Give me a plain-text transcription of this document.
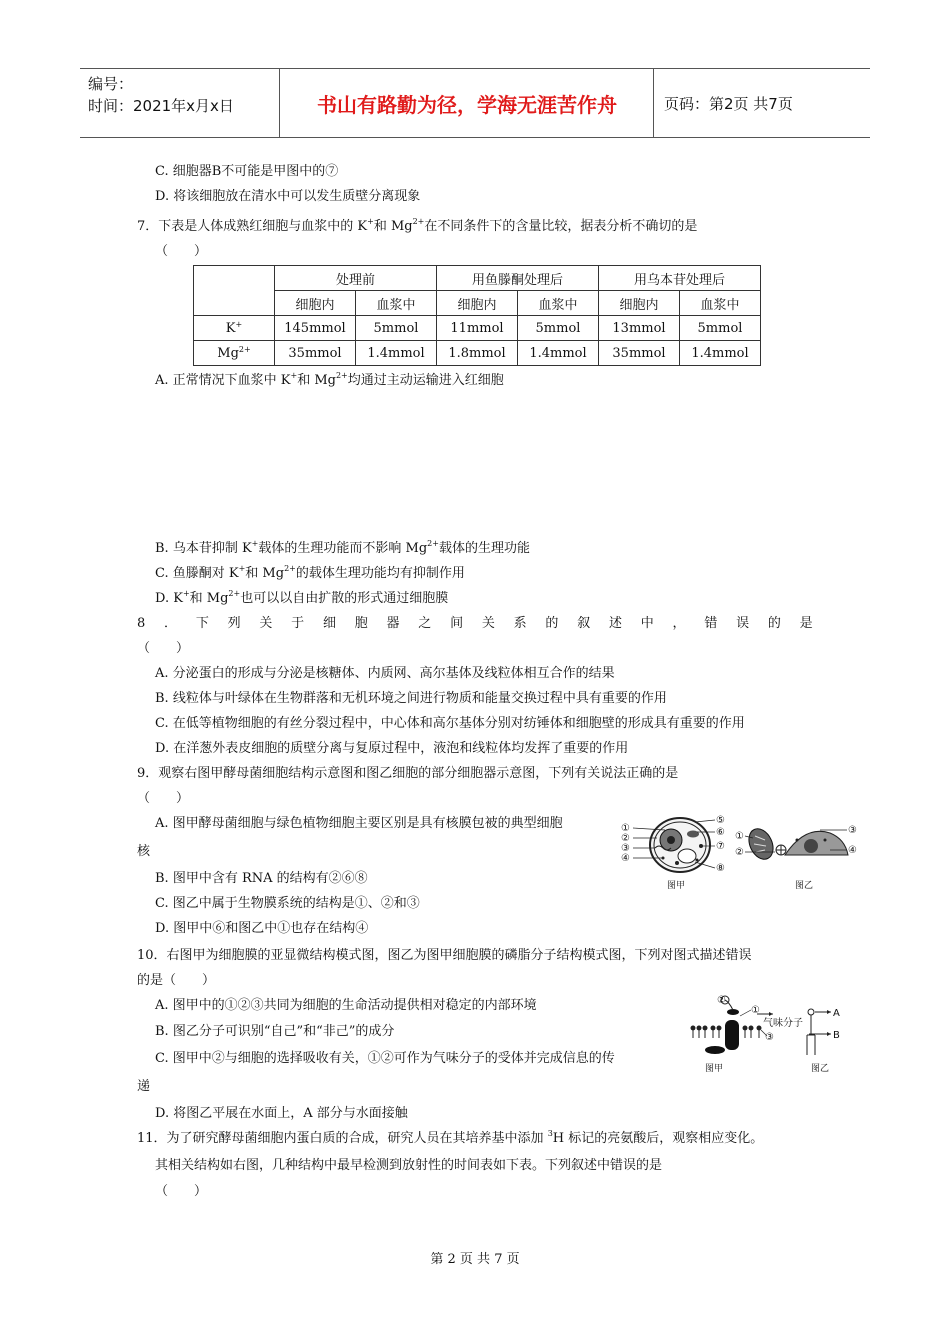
编号：
时间：2021年x月x日	书山有路勤为径，学海无涯苦作舟	页码：第2页 共7页
C. 细胞器B不可能是甲图中的⑦
D. 将该细胞放在清水中可以发生质壁分离现象
7．下表是人体成熟红细胞与血浆中的 K+和 $Mg^{2+}$在不同条件下的含量比较，据表分析不确切的是
（　　）
	处理前		用鱼滕酮处理后		用乌本苷处理后	
	细胞内	血浆中	细胞内	血浆中	细胞内	血浆中
K+	145mmol	5mmol	11mmol	5mmol	13mmol	5mmol
$Mg^{2+}$	35mmol	1.4mmol	1.8mmol	1.4mmol	35mmol	1.4mmol
A. 正常情况下血浆中 K+和 $Mg^{2+}$均通过主动运输进入红细胞
B. 乌本苷抑制 K+载体的生理功能而不影响 $Mg^{2+}$载体的生理功能
C. 鱼滕酮对 K+和 $Mg^{2+}$的载体生理功能均有抑制作用
D. K+和 $Mg^{2+}$也可以以自由扩散的形式通过细胞膜
8 ． 下 列 关 于 细 胞 器 之 间 关 系 的 叙 述 中 ， 错 误 的 是
（　　）
A. 分泌蛋白的形成与分泌是核糖体、内质网、高尔基体及线粒体相互合作的结果
B. 线粒体与叶绿体在生物群落和无机环境之间进行物质和能量交换过程中具有重要的作用
C. 在低等植物细胞的有丝分裂过程中，中心体和高尔基体分别对纺锤体和细胞壁的形成具有重要的作用
D. 在洋葱外表皮细胞的质壁分离与复原过程中，液泡和线粒体均发挥了重要的作用
9．观察右图甲酵母菌细胞结构示意图和图乙细胞的部分细胞器示意图，下列有关说法正确的是
（　　）
A. 图甲酵母菌细胞与绿色植物细胞主要区别是具有核膜包被的典型细胞
核
B. 图甲中含有 RNA 的结构有②⑥⑧
C. 图乙中属于生物膜系统的结构是①、②和③
D. 图甲中⑥和图乙中①也存在结构④
①
②
③
④
⑤
⑥
⑦
⑧
图甲	图乙
①
②
③
④
10．右图甲为细胞膜的亚显微结构模式图，图乙为图甲细胞膜的磷脂分子结构模式图，下列对图式描述错误
的是（　　）
A. 图甲中的①②③共同为细胞的生命活动提供相对稳定的内部环境
B. 图乙分子可识别“自己”和“非己”的成分
C. 图甲中②与细胞的选择吸收有关，①②可作为气味分子的受体并完成信息的传
递
D. 将图乙平展在水面上，A 部分与水面接触
②
①
③
气味分子
图甲	图乙
A
B
11．为了研究酵母菌细胞内蛋白质的合成，研究人员在其培养基中添加 $^3$H 标记的亮氨酸后，观察相应变化。
其相关结构如右图，几种结构中最早检测到放射性的时间表如下表。下列叙述中错误的是
（　　）
第 2 页 共 7 页
